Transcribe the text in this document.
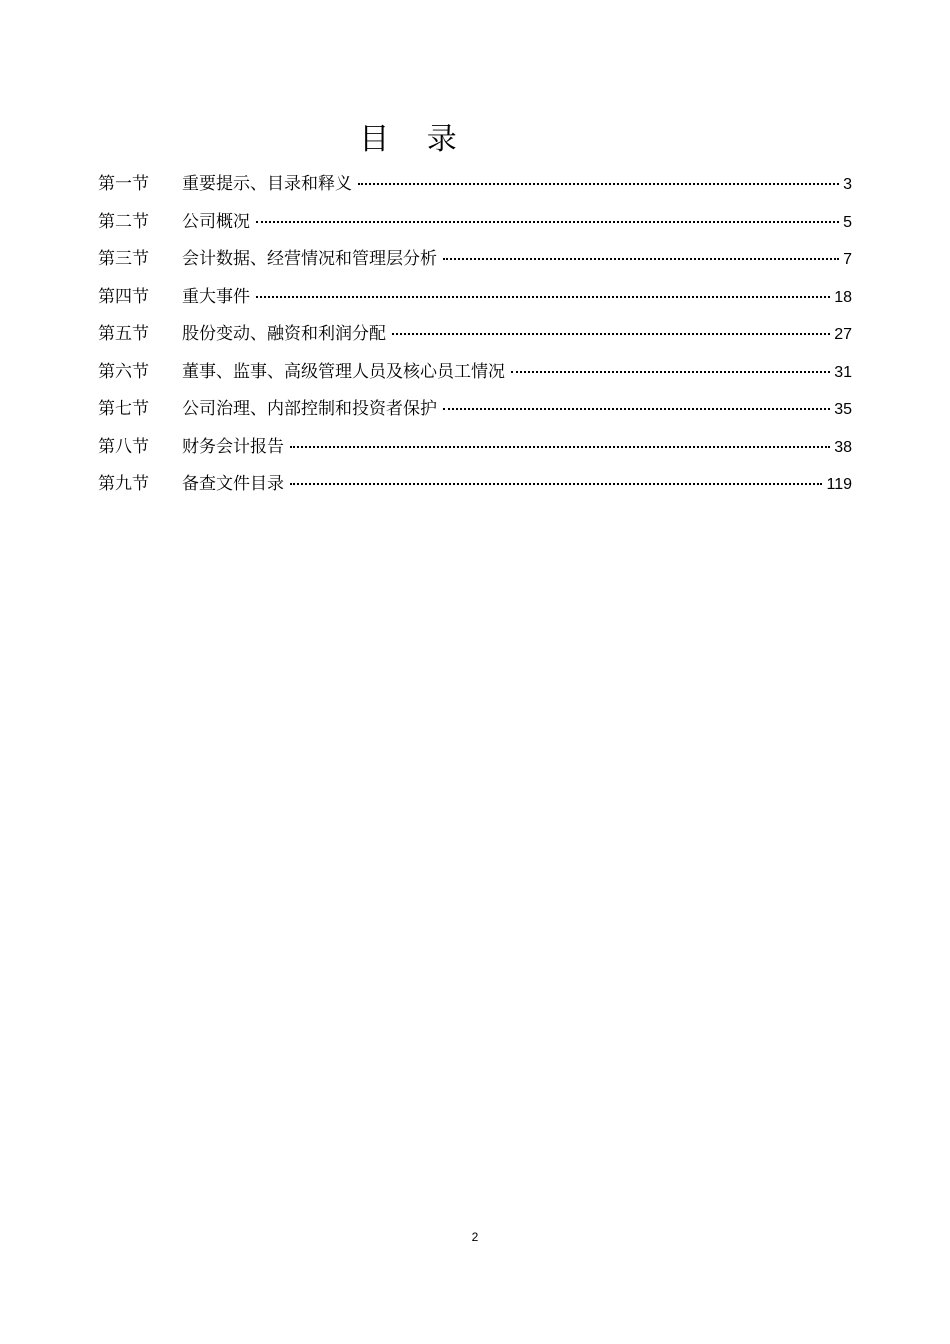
目 录
第一节	重要提示、目录和释义	3
第二节	公司概况	5
第三节	会计数据、经营情况和管理层分析	7
第四节	重大事件	18
第五节	股份变动、融资和利润分配	27
第六节	董事、监事、高级管理人员及核心员工情况	31
第七节	公司治理、内部控制和投资者保护	35
第八节	财务会计报告	38
第九节	备查文件目录	119
2
